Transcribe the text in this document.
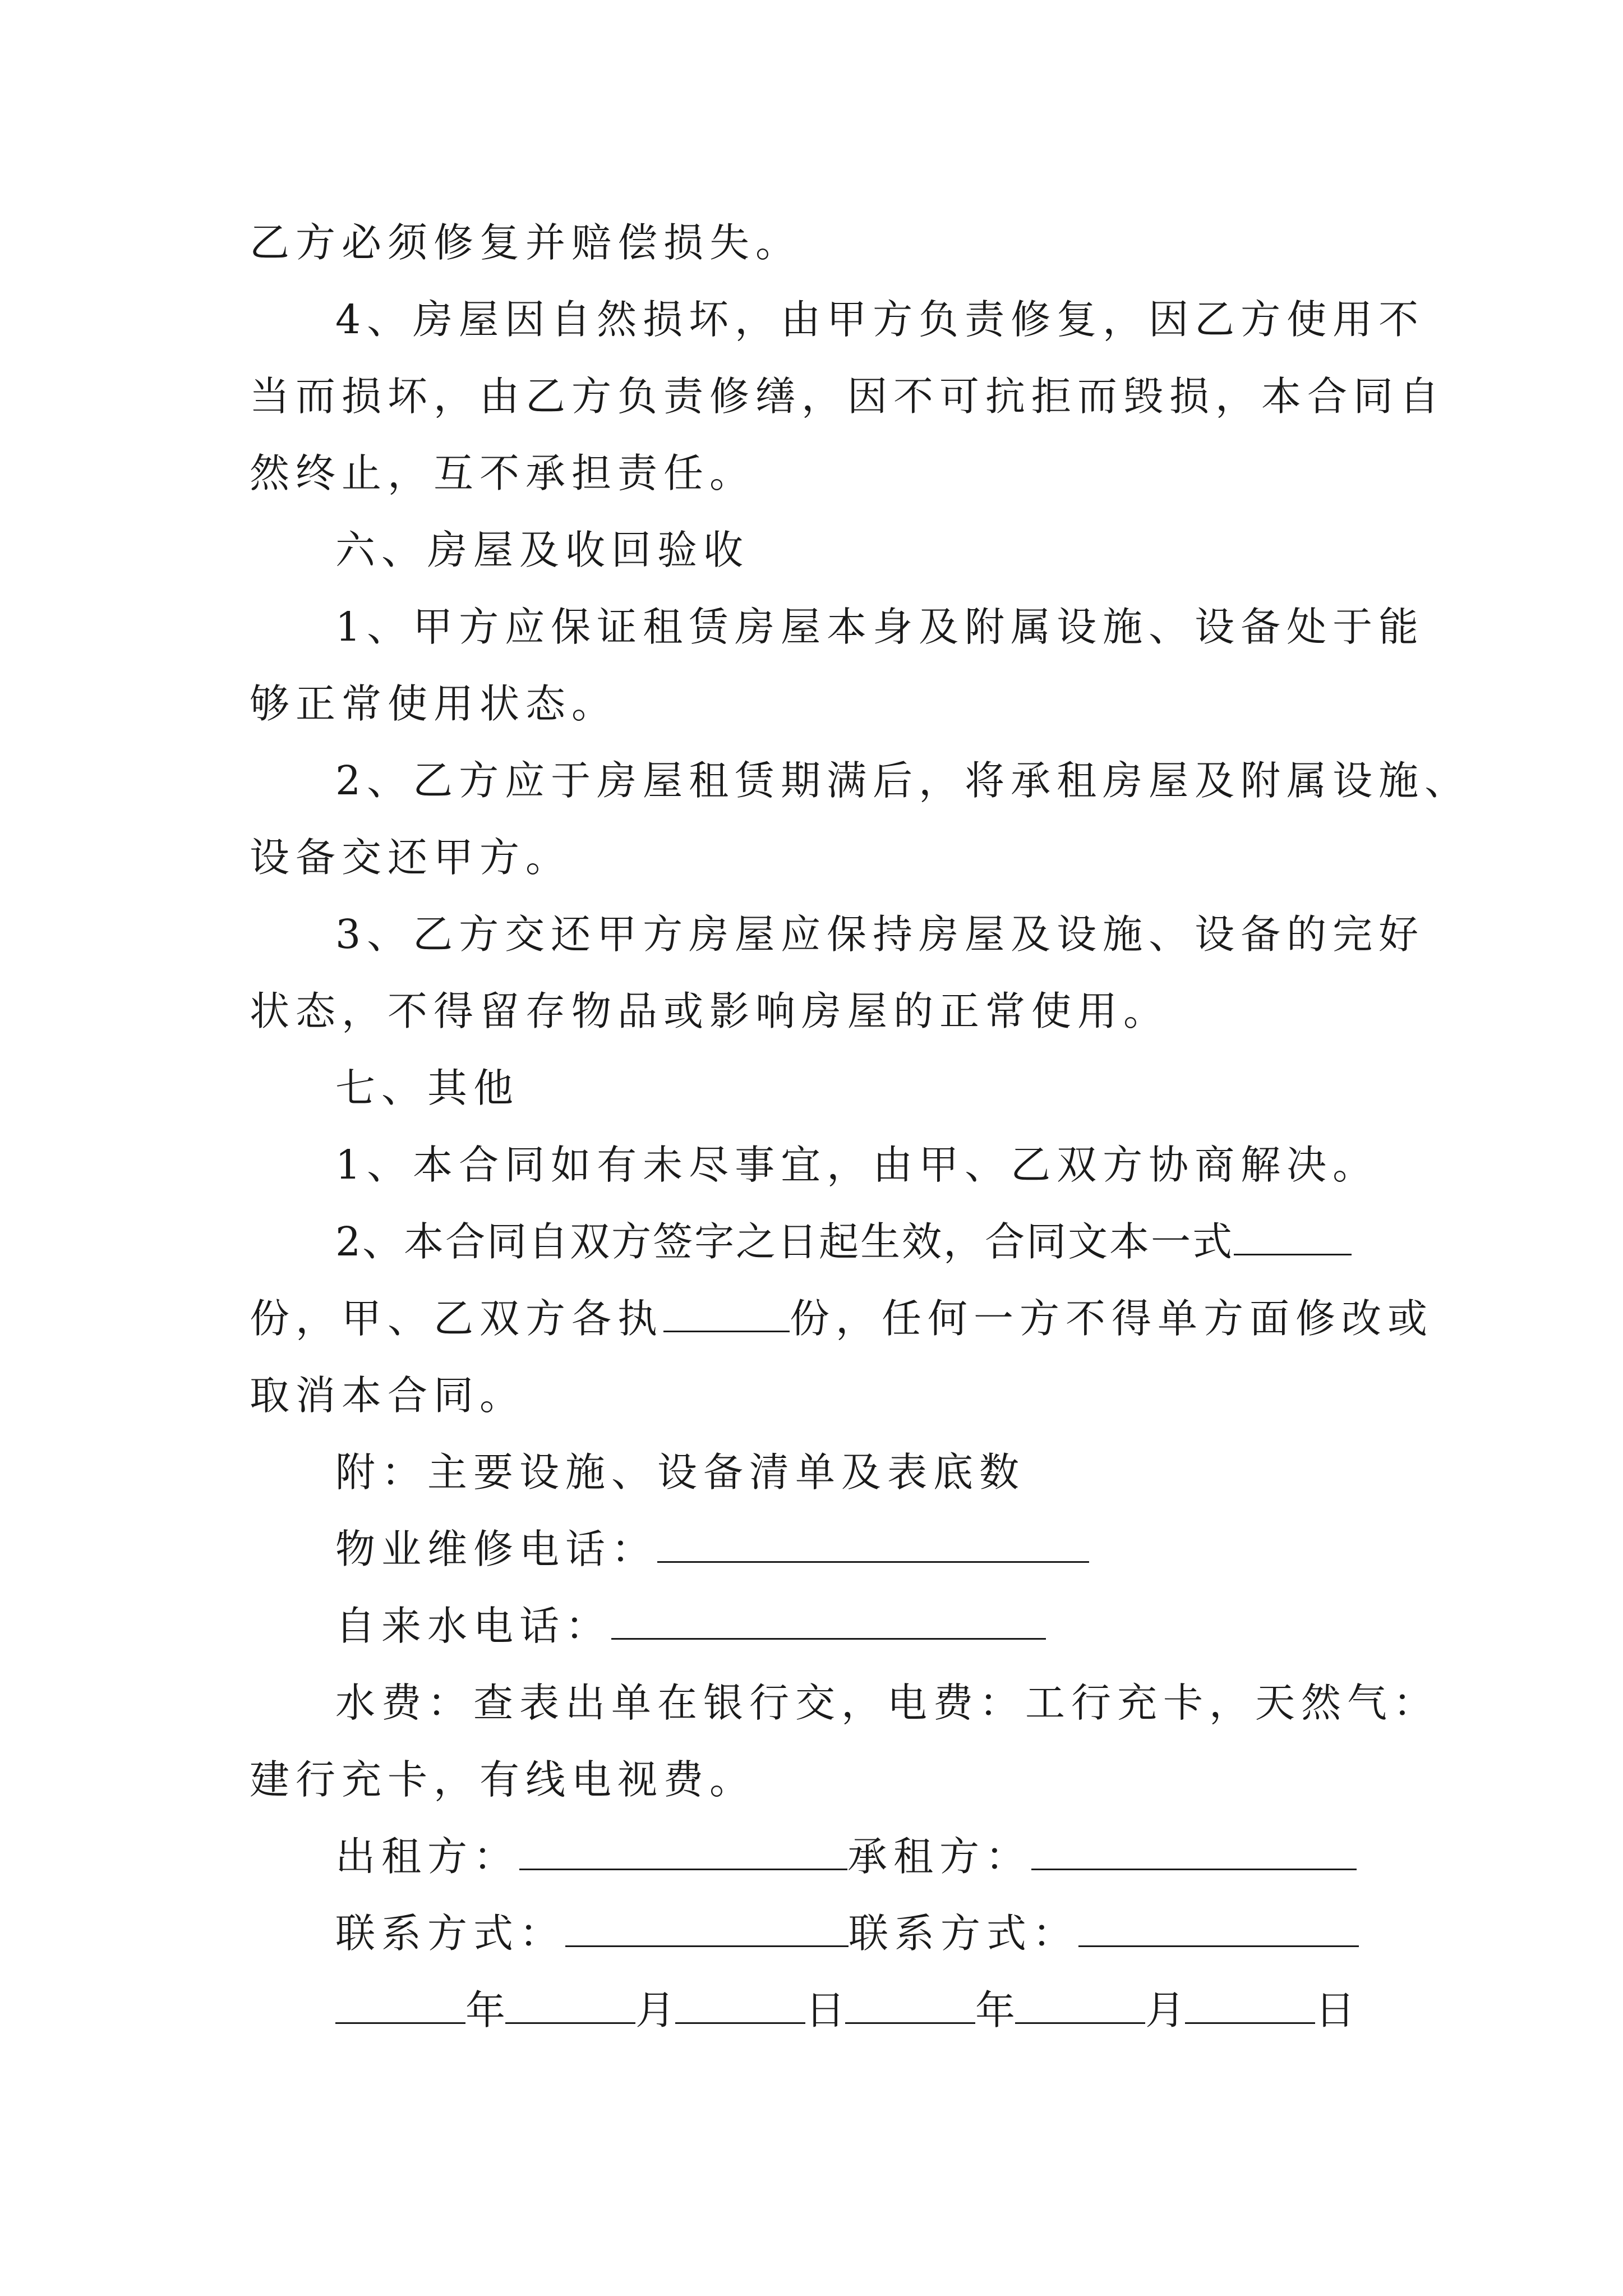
乙方必须修复并赔偿损失。
4、房屋因自然损坏，由甲方负责修复，因乙方使用不
当而损坏，由乙方负责修缮，因不可抗拒而毁损，本合同自
然终止，互不承担责任。
六、房屋及收回验收
1、甲方应保证租赁房屋本身及附属设施、设备处于能
够正常使用状态。
2、乙方应于房屋租赁期满后，将承租房屋及附属设施、
设备交还甲方。
3、乙方交还甲方房屋应保持房屋及设施、设备的完好
状态，不得留存物品或影响房屋的正常使用。
七、其他
1、本合同如有未尽事宜，由甲、乙双方协商解决。
2、本合同自双方签字之日起生效，合同文本一式
份，甲、乙双方各执	份，任何一方不得单方面修改或
取消本合同。
附：主要设施、设备清单及表底数
物业维修电话：
自来水电话：
水费：查表出单在银行交，电费：工行充卡，天然气：
建行充卡，有线电视费。
出租方：	承租方：
联系方式：	联系方式：
年	月	日	年	月	日
